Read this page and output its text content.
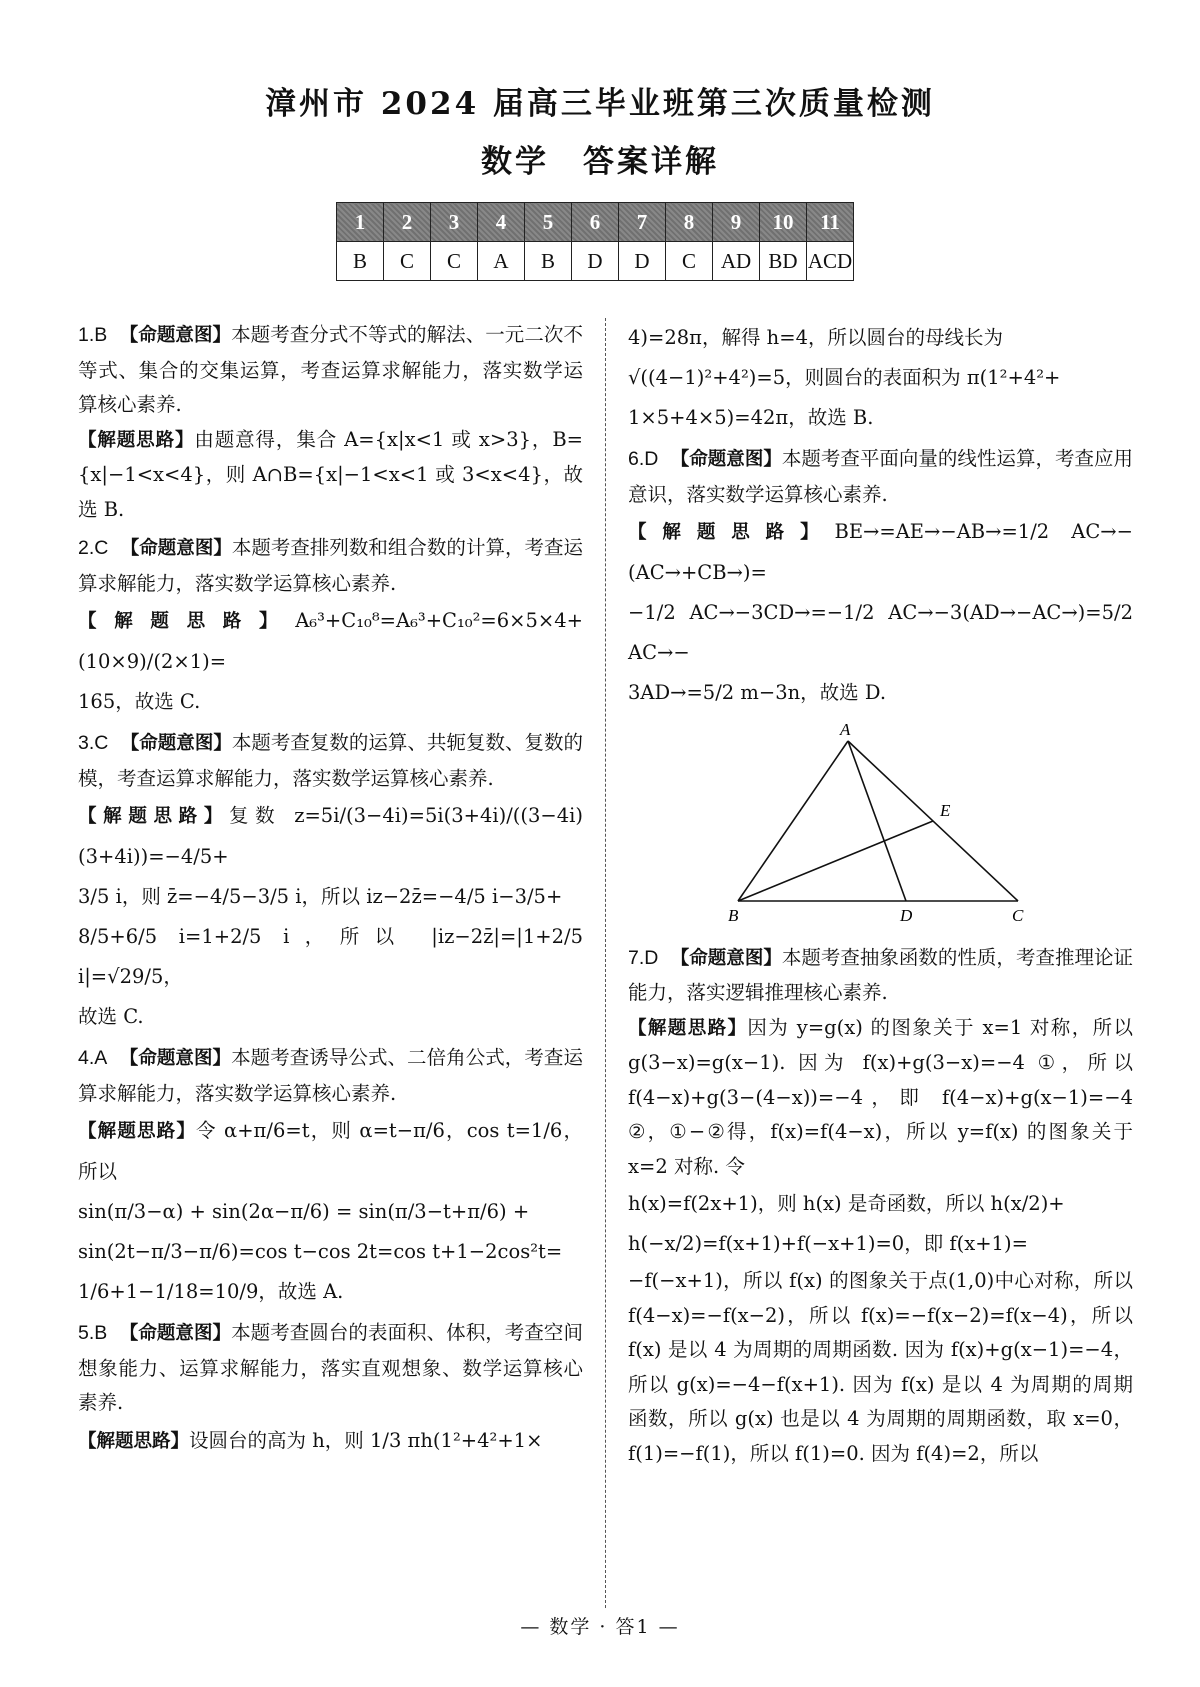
漳州市 2024 届高三毕业班第三次质量检测
数学　答案详解
1	2	3	4	5	6	7	8	9	10	11
B	C	C	A	B	D	D	C	AD	BD	ACD

1.B 【命题意图】本题考查分式不等式的解法、一元二次不等式、集合的交集运算，考查运算求解能力，落实数学运算核心素养.

【解题思路】由题意得，集合 A={x|x<1 或 x>3}，B={x|−1<x<4}，则 A∩B={x|−1<x<1 或 3<x<4}，故选 B.

2.C 【命题意图】本题考查排列数和组合数的计算，考查运算求解能力，落实数学运算核心素养.

【解题思路】A₆³+C₁₀⁸=A₆³+C₁₀²=6×5×4+(10×9)/(2×1)=

165，故选 C.

3.C 【命题意图】本题考查复数的运算、共轭复数、复数的模，考查运算求解能力，落实数学运算核心素养.

【解题思路】复数 z=5i/(3−4i)=5i(3+4i)/((3−4i)(3+4i))=−4/5+

3/5 i，则 z̄=−4/5−3/5 i，所以 iz−2z̄=−4/5 i−3/5+

8/5+6/5 i=1+2/5 i，所以 |iz−2z̄|=|1+2/5 i|=√29/5，

故选 C.

4.A 【命题意图】本题考查诱导公式、二倍角公式，考查运算求解能力，落实数学运算核心素养.

【解题思路】令 α+π/6=t，则 α=t−π/6，cos t=1/6，所以

sin(π/3−α) + sin(2α−π/6) = sin(π/3−t+π/6) +

sin(2t−π/3−π/6)=cos t−cos 2t=cos t+1−2cos²t=

1/6+1−1/18=10/9，故选 A.

5.B 【命题意图】本题考查圆台的表面积、体积，考查空间想象能力、运算求解能力，落实直观想象、数学运算核心素养.

【解题思路】设圆台的高为 h，则 1/3 πh(1²+4²+1×

4)=28π，解得 h=4，所以圆台的母线长为

√((4−1)²+4²)=5，则圆台的表面积为 π(1²+4²+

1×5+4×5)=42π，故选 B.

6.D 【命题意图】本题考查平面向量的线性运算，考查应用意识，落实数学运算核心素养.

【解题思路】BE→=AE→−AB→=1/2 AC→−(AC→+CB→)=

−1/2 AC→−3CD→=−1/2 AC→−3(AD→−AC→)=5/2 AC→−

3AD→=5/2 m−3n，故选 D.

A
B	C
D
E

7.D 【命题意图】本题考查抽象函数的性质，考查推理论证能力，落实逻辑推理核心素养.

【解题思路】因为 y=g(x) 的图象关于 x=1 对称，所以 g(3−x)=g(x−1). 因为 f(x)+g(3−x)=−4 ①，所以 f(4−x)+g(3−(4−x))=−4，即 f(4−x)+g(x−1)=−4 ②，①−②得，f(x)=f(4−x)，所以 y=f(x) 的图象关于 x=2 对称. 令

h(x)=f(2x+1)，则 h(x) 是奇函数，所以 h(x/2)+

h(−x/2)=f(x+1)+f(−x+1)=0，即 f(x+1)=

−f(−x+1)，所以 f(x) 的图象关于点(1,0)中心对称，所以 f(4−x)=−f(x−2)，所以 f(x)=−f(x−2)=f(x−4)，所以 f(x) 是以 4 为周期的周期函数. 因为 f(x)+g(x−1)=−4，所以 g(x)=−4−f(x+1). 因为 f(x) 是以 4 为周期的周期函数，所以 g(x) 也是以 4 为周期的周期函数，取 x=0，f(1)=−f(1)，所以 f(1)=0. 因为 f(4)=2，所以

— 数学 · 答1 —
